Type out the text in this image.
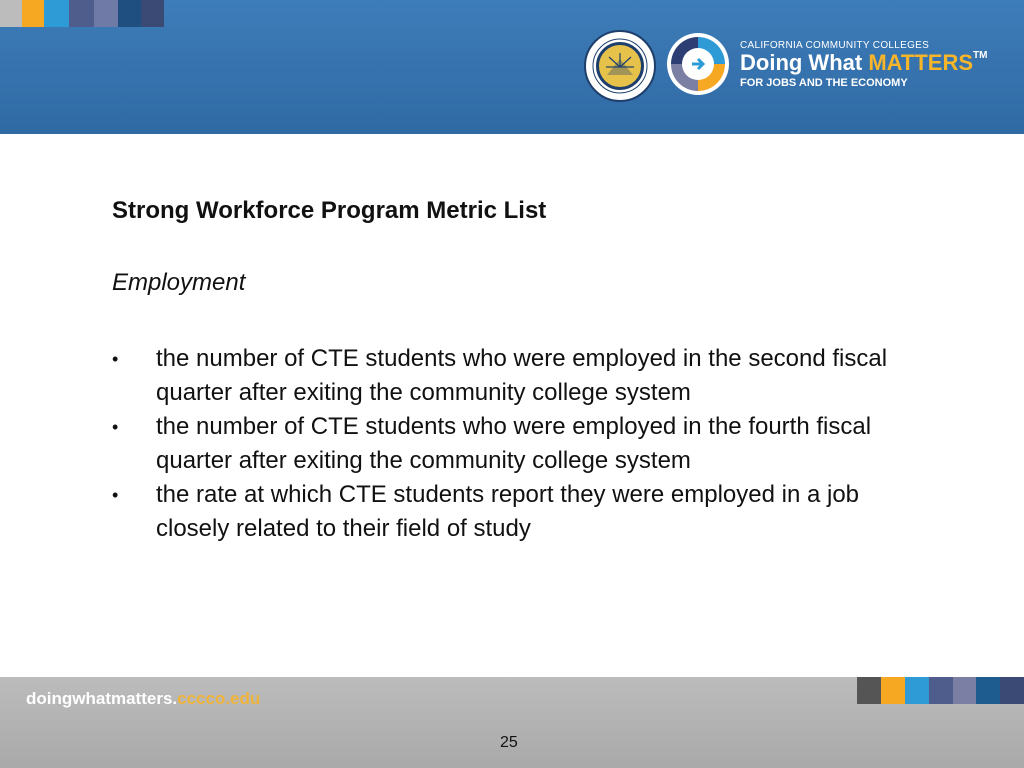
CALIFORNIA COMMUNITY COLLEGES
Doing What MATTERS™
FOR JOBS AND THE ECONOMY
Strong Workforce Program Metric List
Employment
•	the number of CTE students who were employed in the second fiscal quarter after exiting the community college system
•	the number of CTE students who were employed in the fourth fiscal quarter after exiting the community college system
•	the rate at which CTE students report they were employed in a job closely related to their field of study
doingwhatmatters.cccco.edu
25
